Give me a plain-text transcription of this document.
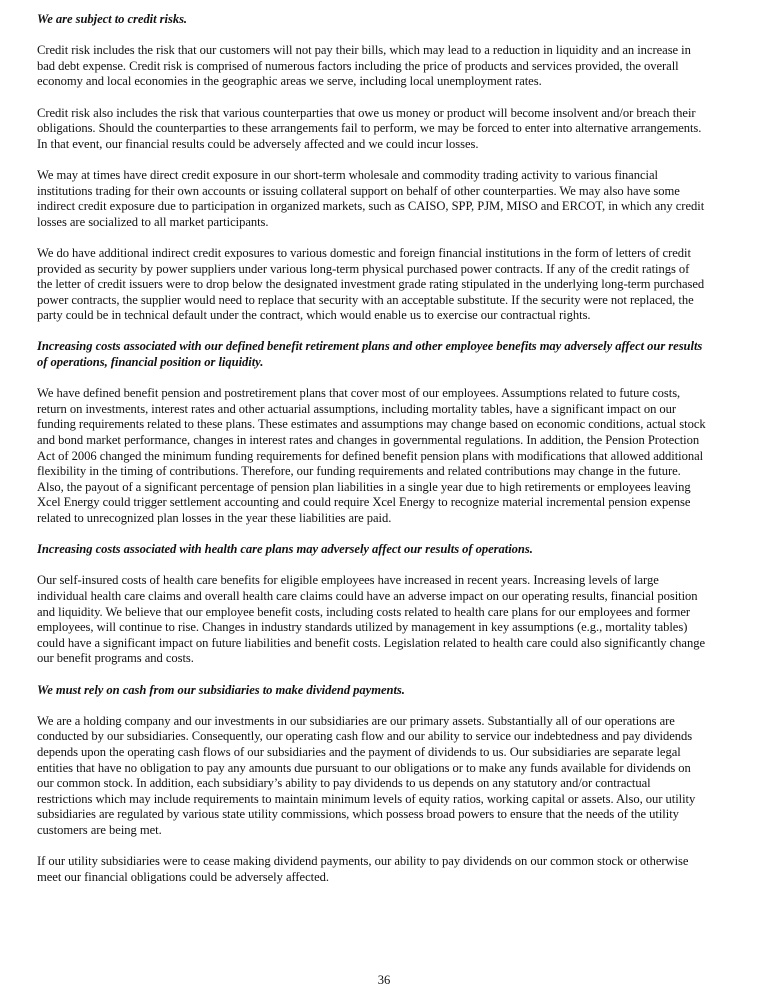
We are subject to credit risks.

Credit risk includes the risk that our customers will not pay their bills, which may lead to a reduction in liquidity and an increase in
bad debt expense. Credit risk is comprised of numerous factors including the price of products and services provided, the overall
economy and local economies in the geographic areas we serve, including local unemployment rates.

Credit risk also includes the risk that various counterparties that owe us money or product will become insolvent and/or breach their
obligations. Should the counterparties to these arrangements fail to perform, we may be forced to enter into alternative arrangements.
In that event, our financial results could be adversely affected and we could incur losses.

We may at times have direct credit exposure in our short-term wholesale and commodity trading activity to various financial
institutions trading for their own accounts or issuing collateral support on behalf of other counterparties. We may also have some
indirect credit exposure due to participation in organized markets, such as CAISO, SPP, PJM, MISO and ERCOT, in which any credit
losses are socialized to all market participants.

We do have additional indirect credit exposures to various domestic and foreign financial institutions in the form of letters of credit
provided as security by power suppliers under various long-term physical purchased power contracts. If any of the credit ratings of
the letter of credit issuers were to drop below the designated investment grade rating stipulated in the underlying long-term purchased
power contracts, the supplier would need to replace that security with an acceptable substitute. If the security were not replaced, the
party could be in technical default under the contract, which would enable us to exercise our contractual rights.

Increasing costs associated with our defined benefit retirement plans and other employee benefits may adversely affect our results
of operations, financial position or liquidity.

We have defined benefit pension and postretirement plans that cover most of our employees. Assumptions related to future costs,
return on investments, interest rates and other actuarial assumptions, including mortality tables, have a significant impact on our
funding requirements related to these plans. These estimates and assumptions may change based on economic conditions, actual stock
and bond market performance, changes in interest rates and changes in governmental regulations. In addition, the Pension Protection
Act of 2006 changed the minimum funding requirements for defined benefit pension plans with modifications that allowed additional
flexibility in the timing of contributions. Therefore, our funding requirements and related contributions may change in the future.
Also, the payout of a significant percentage of pension plan liabilities in a single year due to high retirements or employees leaving
Xcel Energy could trigger settlement accounting and could require Xcel Energy to recognize material incremental pension expense
related to unrecognized plan losses in the year these liabilities are paid.

Increasing costs associated with health care plans may adversely affect our results of operations.

Our self-insured costs of health care benefits for eligible employees have increased in recent years. Increasing levels of large
individual health care claims and overall health care claims could have an adverse impact on our operating results, financial position
and liquidity. We believe that our employee benefit costs, including costs related to health care plans for our employees and former
employees, will continue to rise. Changes in industry standards utilized by management in key assumptions (e.g., mortality tables)
could have a significant impact on future liabilities and benefit costs. Legislation related to health care could also significantly change
our benefit programs and costs.

We must rely on cash from our subsidiaries to make dividend payments.

We are a holding company and our investments in our subsidiaries are our primary assets. Substantially all of our operations are
conducted by our subsidiaries. Consequently, our operating cash flow and our ability to service our indebtedness and pay dividends
depends upon the operating cash flows of our subsidiaries and the payment of dividends to us. Our subsidiaries are separate legal
entities that have no obligation to pay any amounts due pursuant to our obligations or to make any funds available for dividends on
our common stock. In addition, each subsidiary’s ability to pay dividends to us depends on any statutory and/or contractual
restrictions which may include requirements to maintain minimum levels of equity ratios, working capital or assets. Also, our utility
subsidiaries are regulated by various state utility commissions, which possess broad powers to ensure that the needs of the utility
customers are being met.

If our utility subsidiaries were to cease making dividend payments, our ability to pay dividends on our common stock or otherwise
meet our financial obligations could be adversely affected.

36
